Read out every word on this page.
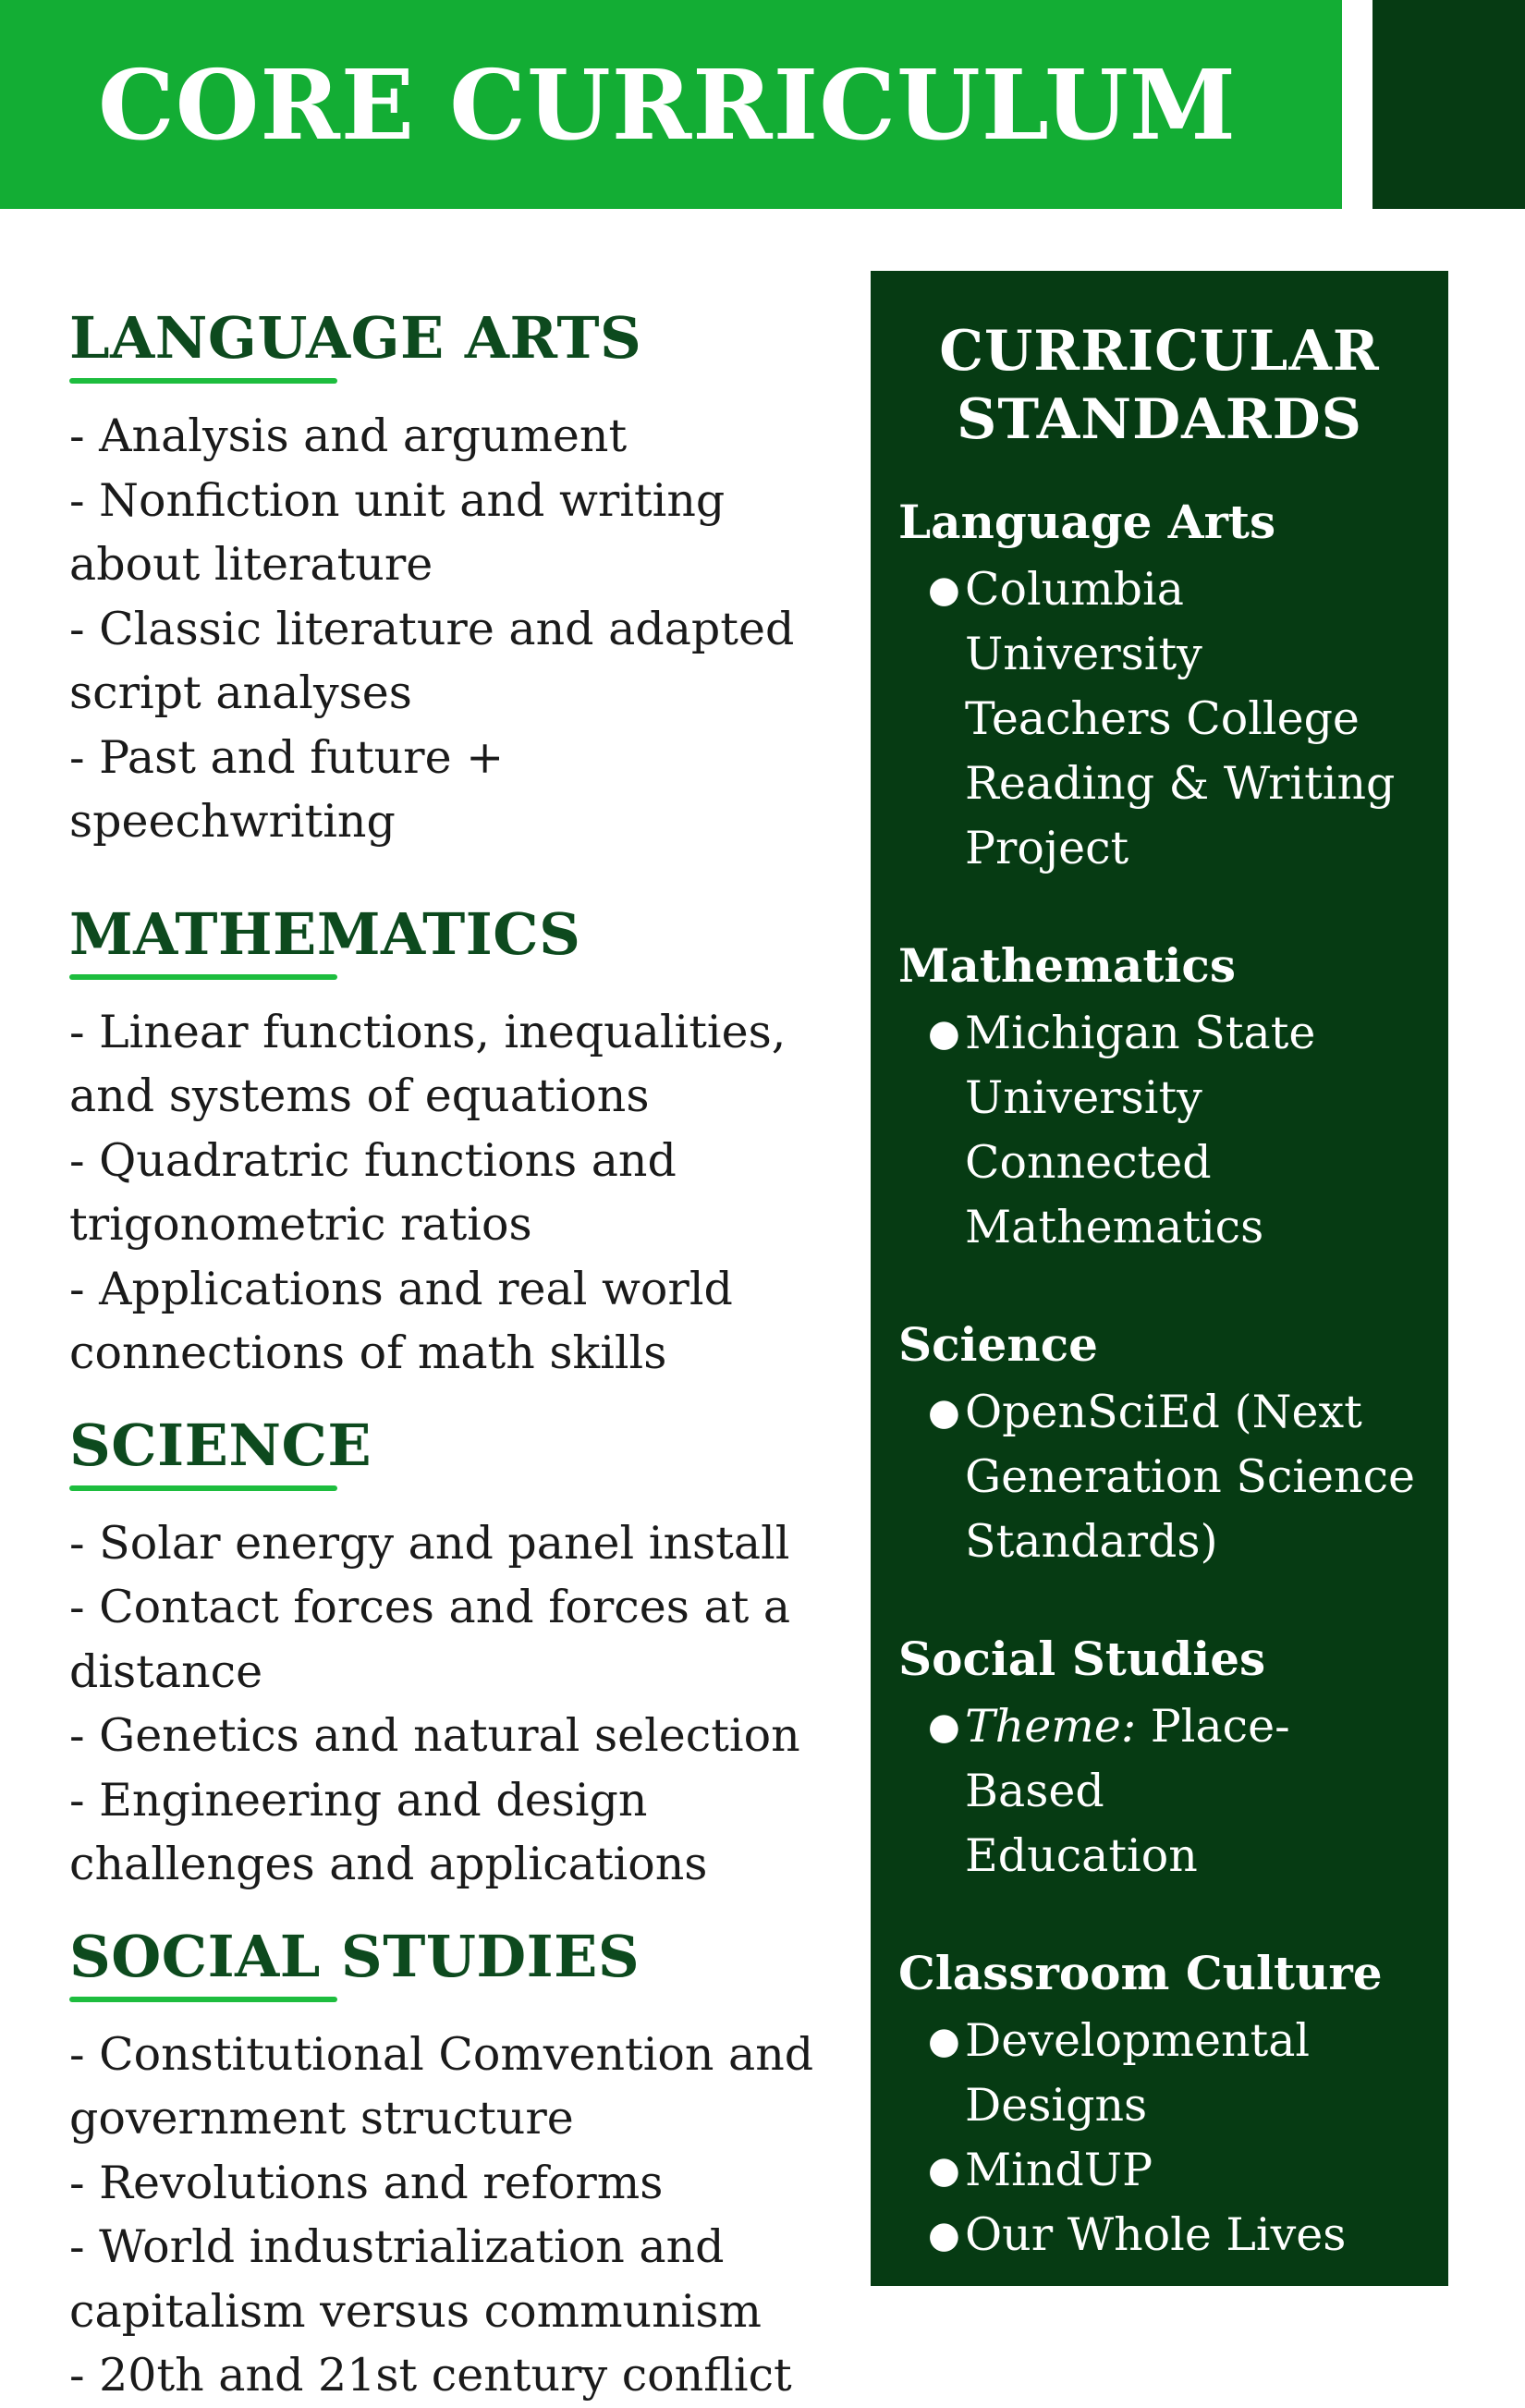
CORE CURRICULUM
LANGUAGE ARTS

- Analysis and argument

- Nonfiction unit and writing

about literature

- Classic literature and adapted

script analyses

- Past and future + speechwriting

MATHEMATICS

- Linear functions, inequalities,

and systems of equations

- Quadratric functions and

trigonometric ratios

- Applications and real world

connections of math skills

SCIENCE

- Solar energy and panel install

- Contact forces and forces at a

distance

- Genetics and natural selection

- Engineering and design

challenges and applications

SOCIAL STUDIES

- Constitutional Comvention and

government structure

- Revolutions and reforms

- World industrialization and

capitalism versus communism

- 20th and 21st century conflict

CURRICULAR
STANDARDS
Language Arts
● Columbia University
Teachers College
Reading & Writing
Project
Mathematics
● Michigan State
University
Connected
Mathematics
Science
● OpenSciEd (Next
Generation Science
Standards)
Social Studies
● Theme: Place-Based
Education
Classroom Culture
● Developmental
Designs
● MindUP
● Our Whole Lives
